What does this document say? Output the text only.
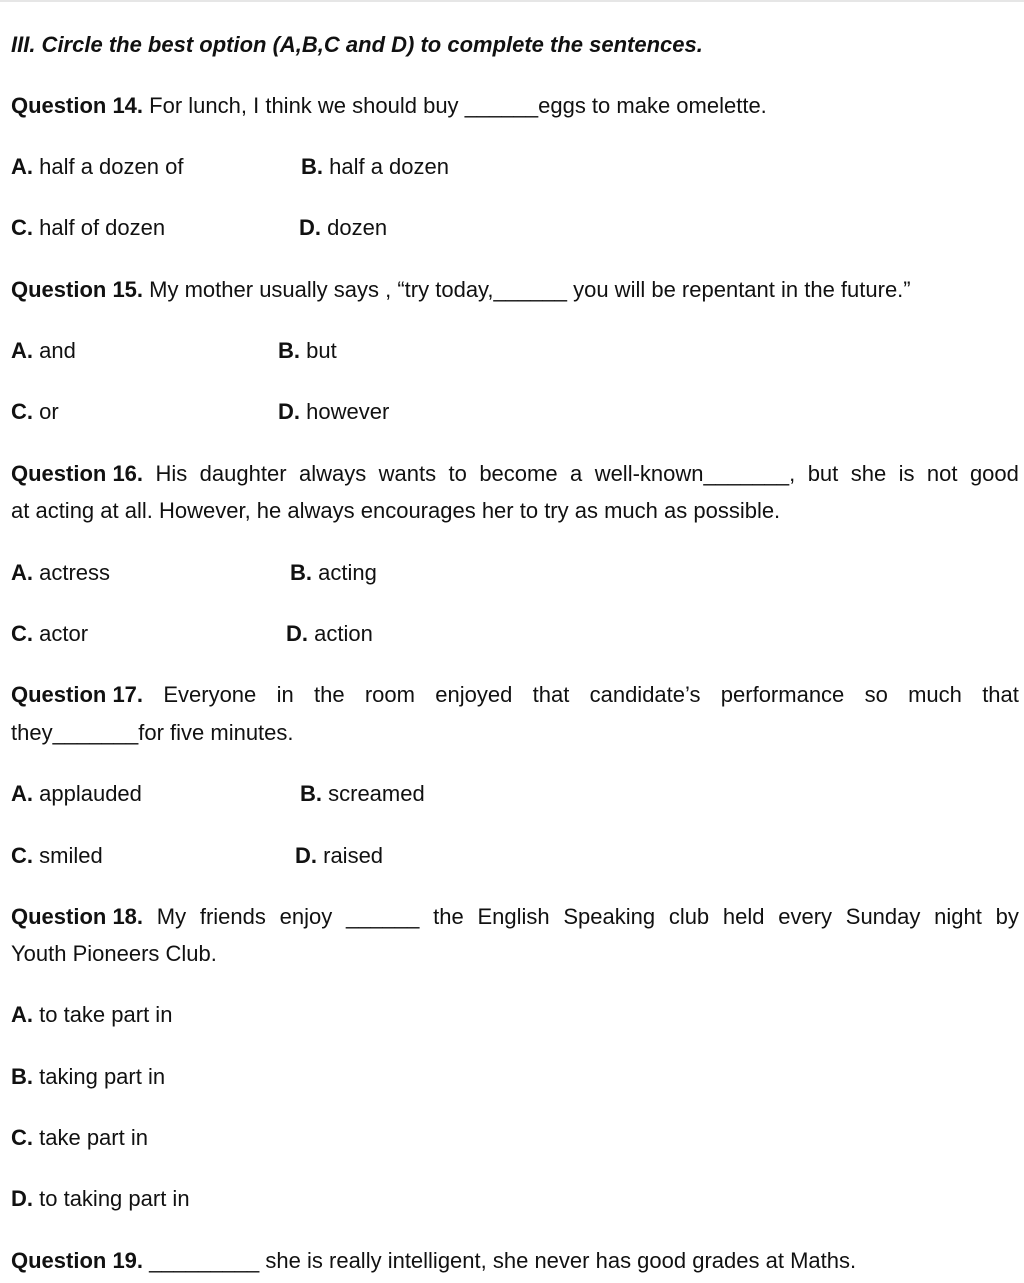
III. Circle the best option (A,B,C and D) to complete the sentences.
Question 14. For lunch, I think we should buy ______eggs to make omelette.
A. half a dozen of	B. half a dozen
C. half of dozen	D. dozen
Question 15. My mother usually says , “try today,______ you will be repentant in the future.”
A. and	B. but
C. or	D. however
Question 16. His daughter always wants to become a well-known_______, but she is not good
at acting at all. However, he always encourages her to try as much as possible.
A. actress	B. acting
C. actor	D. action
Question 17. Everyone in the room enjoyed that candidate’s performance so much that
they_______for five minutes.
A. applauded	B. screamed
C. smiled	D. raised
Question 18. My friends enjoy ______ the English Speaking club held every Sunday night by
Youth Pioneers Club.
A. to take part in
B. taking part in
C. take part in
D. to taking part in
Question 19. _________ she is really intelligent, she never has good grades at Maths.
